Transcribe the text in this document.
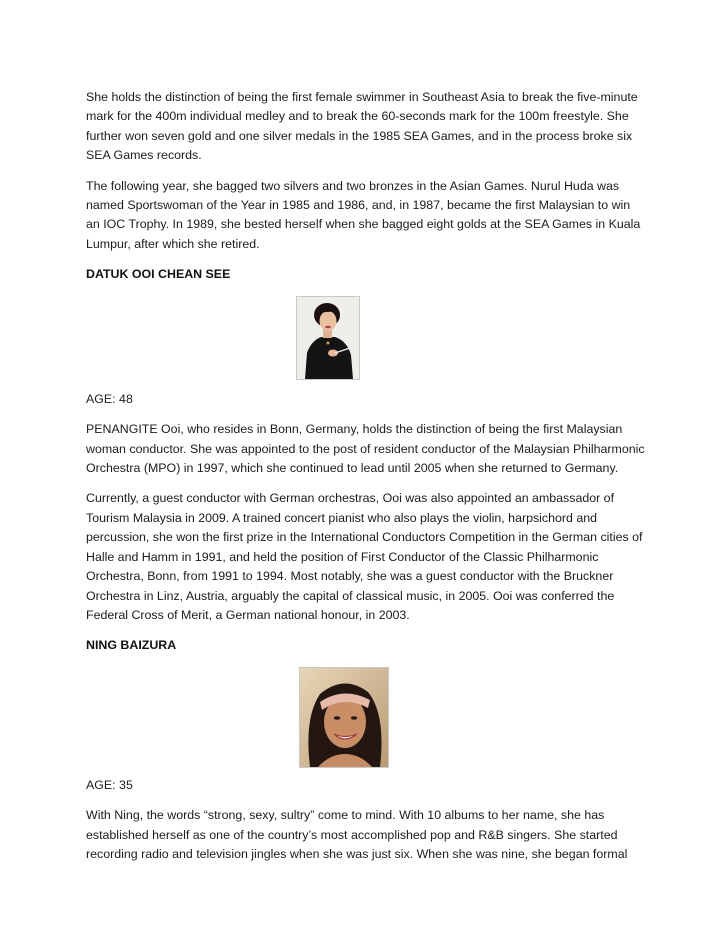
She holds the distinction of being the first female swimmer in Southeast Asia to break the five-minute mark for the 400m individual medley and to break the 60-seconds mark for the 100m freestyle. She further won seven gold and one silver medals in the 1985 SEA Games, and in the process broke six SEA Games records.

The following year, she bagged two silvers and two bronzes in the Asian Games. Nurul Huda was named Sportswoman of the Year in 1985 and 1986, and, in 1987, became the first Malaysian to win an IOC Trophy. In 1989, she bested herself when she bagged eight golds at the SEA Games in Kuala Lumpur, after which she retired.

DATUK OOI CHEAN SEE
AGE: 48

PENANGITE Ooi, who resides in Bonn, Germany, holds the distinction of being the first Malaysian woman conductor. She was appointed to the post of resident conductor of the Malaysian Philharmonic Orchestra (MPO) in 1997, which she continued to lead until 2005 when she returned to Germany.

Currently, a guest conductor with German orchestras, Ooi was also appointed an ambassador of Tourism Malaysia in 2009. A trained concert pianist who also plays the violin, harpsichord and percussion, she won the first prize in the International Conductors Competition in the German cities of Halle and Hamm in 1991, and held the position of First Conductor of the Classic Philharmonic Orchestra, Bonn, from 1991 to 1994. Most notably, she was a guest conductor with the Bruckner Orchestra in Linz, Austria, arguably the capital of classical music, in 2005. Ooi was conferred the Federal Cross of Merit, a German national honour, in 2003.

NING BAIZURA
AGE: 35

With Ning, the words “strong, sexy, sultry” come to mind. With 10 albums to her name, she has established herself as one of the country’s most accomplished pop and R&B singers. She started recording radio and television jingles when she was just six. When she was nine, she began formal
